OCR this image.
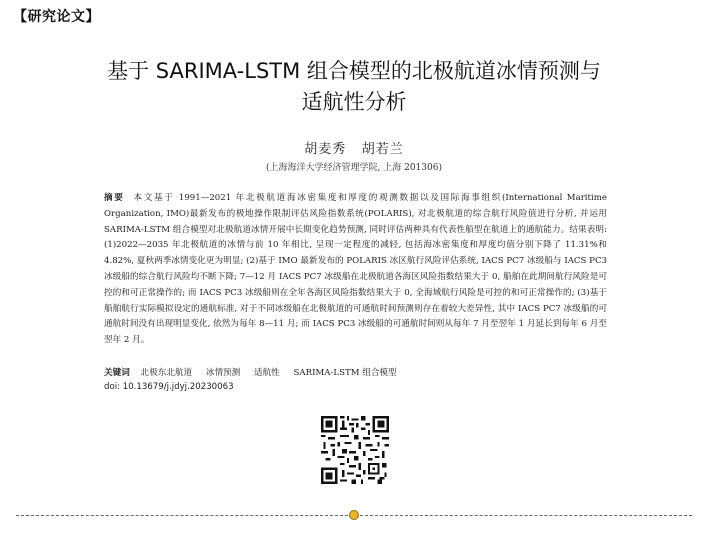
【研究论文】
基于 SARIMA-LSTM 组合模型的北极航道冰情预测与
适航性分析
胡麦秀   胡若兰
(上海海洋大学经济管理学院, 上海 201306)
摘要 本文基于 1991—2021 年北极航道海冰密集度和厚度的观测数据以及国际海事组织(International Maritime Organization, IMO)最新发布的极地操作限制评估风险指数系统(POLARIS), 对北极航道的综合航行风险值进行分析, 并运用 SARIMA-LSTM 组合模型对北极航道冰情开展中长期变化趋势预测, 同时评估两种具有代表性船型在航道上的通航能力。结果表明: (1)2022—2035 年北极航道的冰情与前 10 年相比, 呈现一定程度的减轻, 包括海冰密集度和厚度均值分别下降了 11.31%和 4.82%, 夏秋两季冰情变化更为明显; (2)基于 IMO 最新发布的 POLARIS 冰区航行风险评估系统, IACS PC7 冰级船与 IACS PC3 冰级船的综合航行风险均不断下降; 7—12 月 IACS PC7 冰级船在北极航道各海区风险指数结果大于 0, 船舶在此期间航行风险是可控的和可正常操作的; 而 IACS PC3 冰级船则在全年各海区风险指数结果大于 0, 全海域航行风险是可控的和可正常操作的; (3)基于船舶航行实际模拟设定的通航标准, 对于不同冰级船在北极航道的可通航时间预测则存在着较大差异性, 其中 IACS PC7 冰级船的可通航时间没有出现明显变化, 依然为每年 8—11 月; 而 IACS PC3 冰级船的可通航时间则从每年 7 月至翌年 1 月延长到每年 6 月至翌年 2 月。
关键词 北极东北航道 冰情预测 适航性 SARIMA-LSTM 组合模型
doi: 10.13679/j.jdyj.20230063
